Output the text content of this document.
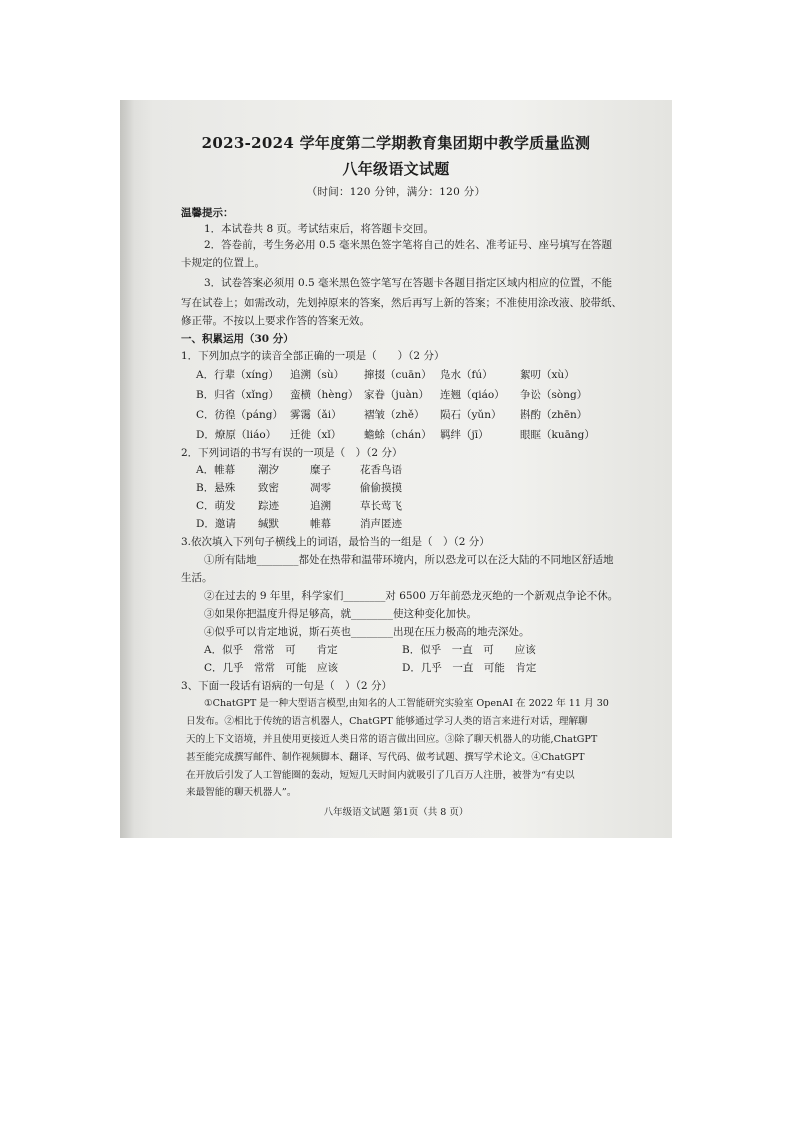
2023-2024 学年度第二学期教育集团期中教学质量监测
八年级语文试题
（时间：120 分钟，满分：120 分）
温馨提示：
1．本试卷共 8 页。考试结束后，将答题卡交回。
2．答卷前，考生务必用 0.5 毫米黑色签字笔将自己的姓名、准考证号、座号填写在答题
卡规定的位置上。
3．试卷答案必须用 0.5 毫米黑色签字笔写在答题卡各题目指定区域内相应的位置，不能
写在试卷上；如需改动，先划掉原来的答案，然后再写上新的答案；不准使用涂改液、胶带纸、
修正带。不按以上要求作答的答案无效。
一、积累运用（30 分）
1．下列加点字的读音全部正确的一项是（　　）（2 分）
A．行辈（xíng） 追溯（sù） 撺掇（cuān） 凫水（fú）	絮叨（xù）
B．归省（xǐng） 蛮横（hèng） 家眷（juàn） 连翘（qiáo） 争讼（sòng）
C．彷徨（páng） 雾霭（ǎi） 褶皱（zhě） 陨石（yǔn） 斟酌（zhēn）
D．燎原（liáo） 迁徙（xǐ） 蟾蜍（chán） 羁绊（jī）	眼眶（kuāng）
2．下列词语的书写有误的一项是（　）（2 分）
A．帷幕 潮汐	糜子	花香鸟语
B．悬殊 致密	凋零	偷偷摸摸
C．萌发 踪迹	追溯	草长莺飞
D．邀请 缄默	帷幕	消声匿迹
3.依次填入下列句子横线上的词语，最恰当的一组是（　）（2 分）
①所有陆地________都处在热带和温带环境内，所以恐龙可以在泛大陆的不同地区舒适地
生活。
②在过去的 9 年里，科学家们________对 6500 万年前恐龙灭绝的一个新观点争论不休。
③如果你把温度升得足够高，就________使这种变化加快。
④似乎可以肯定地说，斯石英也________出现在压力极高的地壳深处。
A．似乎　常常　可　　肯定	B．似乎　一直　可　　应该
C．几乎　常常　可能　应该	D．几乎　一直　可能　肯定
3、下面一段话有语病的一句是（　）（2 分）
①ChatGPT 是一种大型语言模型,由知名的人工智能研究实验室 OpenAI 在 2022 年 11 月 30
日发布。②相比于传统的语言机器人，ChatGPT 能够通过学习人类的语言来进行对话，理解聊
天的上下文语境，并且使用更接近人类日常的语言做出回应。③除了聊天机器人的功能,ChatGPT
甚至能完成撰写邮件、制作视频脚本、翻译、写代码、做考试题、撰写学术论文。④ChatGPT
在开放后引发了人工智能圈的轰动，短短几天时间内就吸引了几百万人注册，被誉为“有史以
来最智能的聊天机器人”。
八年级语文试题 第1页（共 8 页）
